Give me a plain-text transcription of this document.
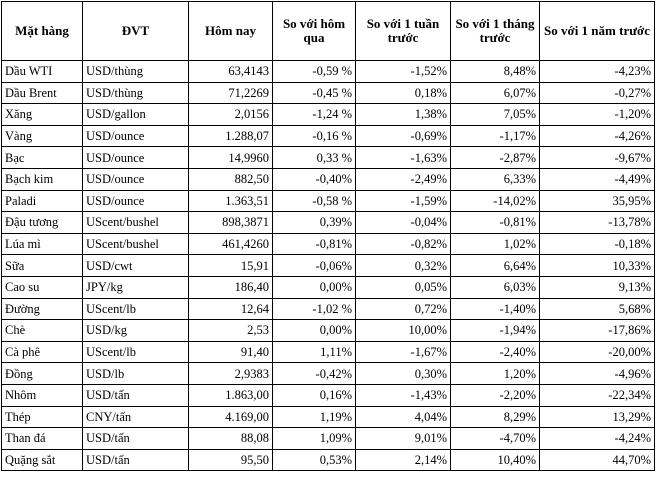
Mặt hàng	ĐVT	Hôm nay	So với hôm qua	So với 1 tuần trước	So với 1 tháng trước	So với 1 năm trước
Dầu WTI	USD/thùng	63,4143	-0,59 %	-1,52%	8,48%	-4,23%
Dầu Brent	USD/thùng	71,2269	-0,45 %	0,18%	6,07%	-0,27%
Xăng	USD/gallon	2,0156	-1,24 %	1,38%	7,05%	-1,20%
Vàng	USD/ounce	1.288,07	-0,16 %	-0,69%	-1,17%	-4,26%
Bạc	USD/ounce	14,9960	0,33 %	-1,63%	-2,87%	-9,67%
Bạch kim	USD/ounce	882,50	-0,40%	-2,49%	6,33%	-4,49%
Paladi	USD/ounce	1.363,51	-0,58 %	-1,59%	-14,02%	35,95%
Đậu tương	UScent/bushel	898,3871	0,39%	-0,04%	-0,81%	-13,78%
Lúa mì	UScent/bushel	461,4260	-0,81%	-0,82%	1,02%	-0,18%
Sữa	USD/cwt	15,91	-0,06%	0,32%	6,64%	10,33%
Cao su	JPY/kg	186,40	0,00%	0,05%	6,03%	9,13%
Đường	UScent/lb	12,64	-1,02 %	0,72%	-1,40%	5,68%
Chè	USD/kg	2,53	0,00%	10,00%	-1,94%	-17,86%
Cà phê	UScent/lb	91,40	1,11%	-1,67%	-2,40%	-20,00%
Đồng	USD/lb	2,9383	-0,42%	0,30%	1,20%	-4,96%
Nhôm	USD/tấn	1.863,00	0,16%	-1,43%	-2,20%	-22,34%
Thép	CNY/tấn	4.169,00	1,19%	4,04%	8,29%	13,29%
Than đá	USD/tấn	88,08	1,09%	9,01%	-4,70%	-4,24%
Quặng sắt	USD/tấn	95,50	0,53%	2,14%	10,40%	44,70%
